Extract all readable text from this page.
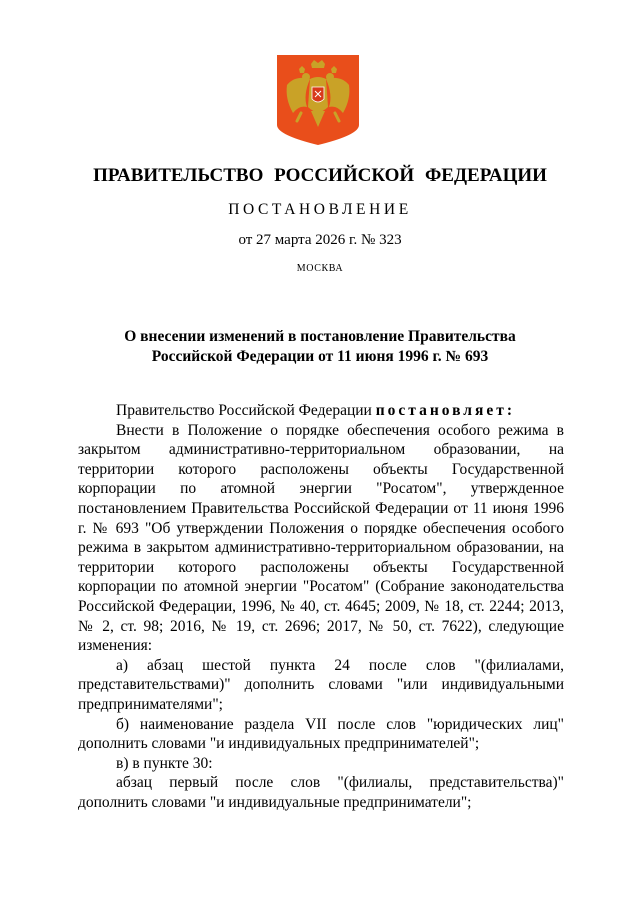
ПРАВИТЕЛЬСТВО РОССИЙСКОЙ ФЕДЕРАЦИИ
ПОСТАНОВЛЕНИЕ
от 27 марта 2026 г. № 323
МОСКВА
О внесении изменений в постановление Правительства
Российской Федерации от 11 июня 1996 г. № 693

Правительство Российской Федерации постановляет:

Внести в Положение о порядке обеспечения особого режима в закрытом административно-территориальном образовании, на территории которого расположены объекты Государственной корпорации по атомной энергии "Росатом", утвержденное постановлением Правительства Российской Федерации от 11 июня 1996 г. № 693 "Об утверждении Положения о порядке обеспечения особого режима в закрытом административно-территориальном образовании, на территории которого расположены объекты Государственной корпорации по атомной энергии "Росатом" (Собрание законодательства Российской Федерации, 1996, № 40, ст. 4645; 2009, № 18, ст. 2244; 2013, № 2, ст. 98; 2016, № 19, ст. 2696; 2017, № 50, ст. 7622), следующие изменения:

а) абзац шестой пункта 24 после слов "(филиалами, представительствами)" дополнить словами "или индивидуальными предпринимателями";

б) наименование раздела VII после слов "юридических лиц" дополнить словами "и индивидуальных предпринимателей";

в) в пункте 30:

абзац первый после слов "(филиалы, представительства)" дополнить словами "и индивидуальные предприниматели";
